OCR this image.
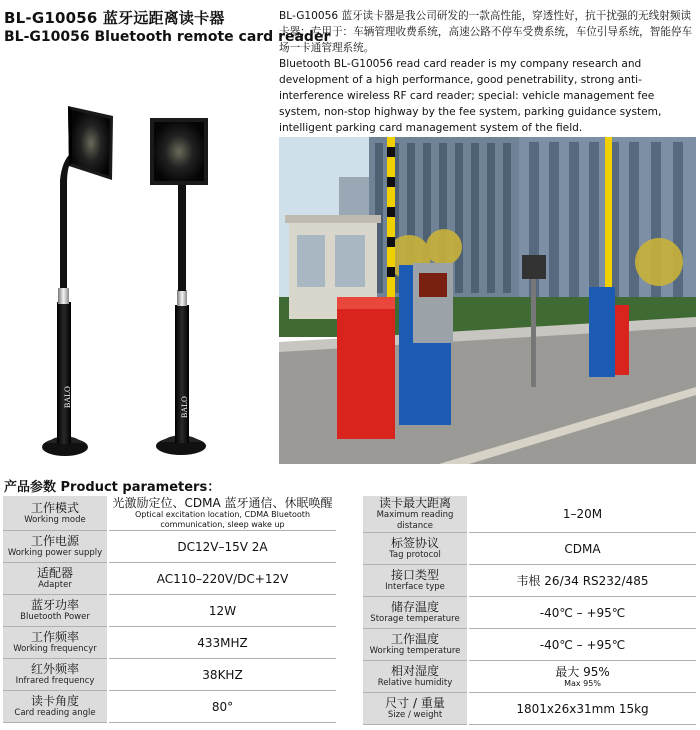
BL-G10056 蓝牙远距离读卡器
BL-G10056 Bluetooth remote card reader

BL-G10056 蓝牙读卡器是我公司研发的一款高性能，穿透性好，抗干扰强的无线射频读卡器；专用于：车辆管理收费系统，高速公路不停车受费系统，车位引导系统，智能停车场一卡通管理系统。

Bluetooth BL-G10056 read card reader is my company research and development of a high performance, good penetrability, strong anti-interference wireless RF card reader; special: vehicle management fee system, non-stop highway by the fee system, parking guidance system, intelligent parking card management system of the field.

BALO	BALO
产品参数 Product parameters：
工作模式
Working mode	光激励定位、CDMA 蓝牙通信、休眠唤醒
Optical excitation location, CDMA Bluetooth communication, sleep wake up

工作电源
Working power supply	DC12V–15V 2A

适配器
Adapter	AC110–220V/DC+12V

蓝牙功率
Bluetooth Power	12W

工作频率
Working frequencyr	433MHZ

红外频率
Infrared frequency	38KHZ

读卡角度
Card reading angle	80°
读卡最大距离
Maximum reading distance	1–20M

标签协议
Tag protocol	CDMA

接口类型
Interface type	韦根 26/34 RS232/485

储存温度
Storage temperature	-40℃ – +95℃

工作温度
Working temperature	-40℃ – +95℃

相对湿度
Relative humidity	最大 95%
Max 95%

尺寸 / 重量
Size / weight	1801x26x31mm 15kg
